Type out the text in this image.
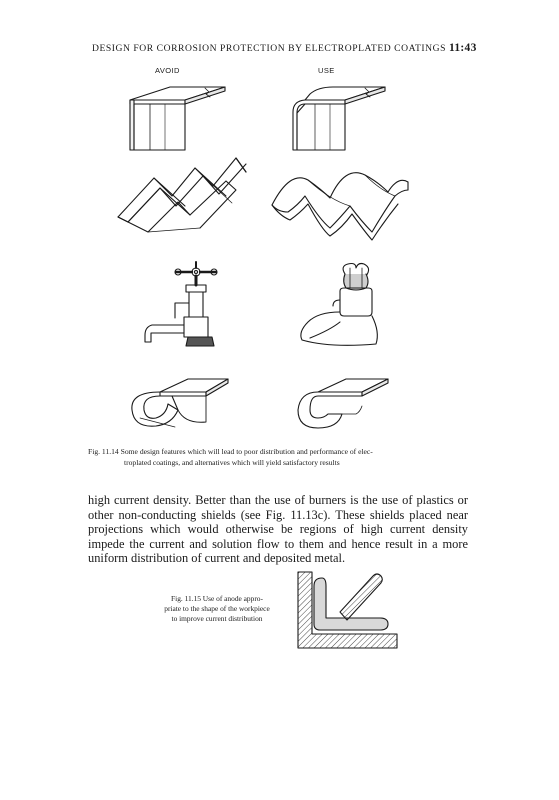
DESIGN FOR CORROSION PROTECTION BY ELECTROPLATED COATINGS 11:43
AVOID	USE
Fig. 11.14 Some design features which will lead to poor distribution and performance of elec-
troplated coatings, and alternatives which will yield satisfactory results

high current density. Better than the use of burners is the use of plastics or other non-conducting shields (see Fig. 11.13c). These shields placed near projections which would otherwise be regions of high current density impede the current and solution flow to them and hence result in a more uniform distribution of current and deposited metal.

Fig. 11.15 Use of anode appro-
priate to the shape of the workpiece
to improve current distribution
